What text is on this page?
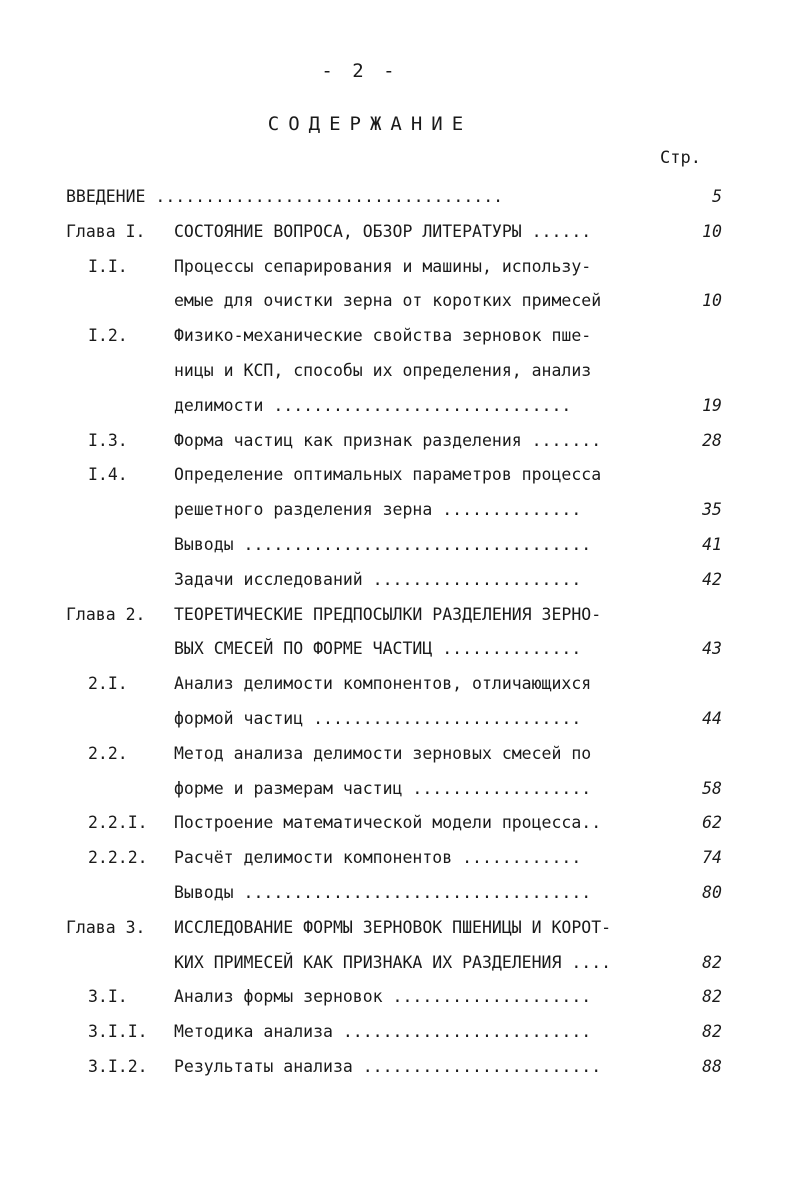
- 2 -
СОДЕРЖАНИЕ
Стр.
ВВЕДЕНИЕ ...................................	5
Глава I. СОСТОЯНИЕ ВОПРОСА, ОБЗОР ЛИТЕРАТУРЫ ......	10
I.I.	Процессы сепарирования и машины, использу-
емые для очистки зерна от коротких примесей	10
I.2.	Физико-механические свойства зерновок пше-
ницы и КСП, способы их определения, анализ
делимости ..............................	19
I.3.	Форма частиц как признак разделения .......	28
I.4.	Определение оптимальных параметров процесса
решетного разделения зерна ..............	35
Выводы ...................................	41
Задачи исследований .....................	42
Глава 2. ТЕОРЕТИЧЕСКИЕ ПРЕДПОСЫЛКИ РАЗДЕЛЕНИЯ ЗЕРНО-
ВЫХ СМЕСЕЙ ПО ФОРМЕ ЧАСТИЦ ..............	43
2.I.	Анализ делимости компонентов, отличающихся
формой частиц ...........................	44
2.2.	Метод анализа делимости зерновых смесей по
форме и размерам частиц ..................	58
2.2.I. Построение математической модели процесса..	62
2.2.2. Расчёт делимости компонентов ............	74
Выводы ...................................	80
Глава 3. ИССЛЕДОВАНИЕ ФОРМЫ ЗЕРНОВОК ПШЕНИЦЫ И КОРОТ-
КИХ ПРИМЕСЕЙ КАК ПРИЗНАКА ИХ РАЗДЕЛЕНИЯ ....	82
3.I.	Анализ формы зерновок ....................	82
3.I.I. Методика анализа .........................	82
3.I.2. Результаты анализа ........................	88
